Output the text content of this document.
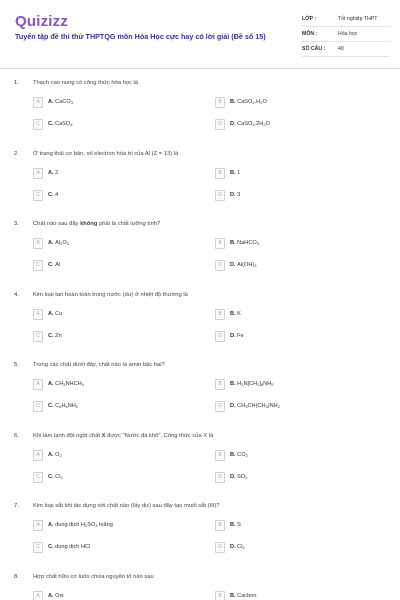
Quizizz
Tuyển tập đề thi thử THPTQG môn Hóa Học cực hay có lời giải (Đề số 15)
LỚP :	Tốt nghiệp THPT
MÔN :	Hóa học
SỐ CÂU : 40
1. Thạch cao nung có công thức hóa học là
A	A. CaCO$_3$	B	B. $CaSO_4.H_2O$
C	C. CaSO$_4$	D	D. $CaSO_4.2H_2O$
2. Ở trạng thái cơ bản, số electron hóa trị của Al (Z = 13) là
A	A. 2	B	B. 1
C	C. 4	D	D. 3
3. Chất nào sau đây không phải là chất lưỡng tính?
A	A. $Al_2O_3$	B	B. NaHCO$_3$
C	C. Al	D	D. $Al(OH)_3$
4. Kim loại tan hoàn toàn trong nước (dư) ở nhiệt độ thường là
A	A. Cu	B	B. K
C	C. Zn	D	D. Fe
5. Trong các chất dưới đây, chất nào là amin bậc hai?
A	A. $CH_3NHCH_3$	B	B. $H_2N[CH_2]_6NH_2$
C	C. $C_6H_5NH_2$	D	D. $CH_3CH(CH_3)NH_2$
6. Khi làm lạnh đột ngột chất X được "Nước đá khô". Công thức của X là
A	A. $O_2$	B	B. $CO_2$
C	C. $Cl_2$	D	D. $SO_2$
7. Kim loại sắt khi tác dụng với chất nào (lấy dư) sau đây tạo muối sắt (III)?
A	A. dung dịch $H_2SO_4$ loãng	B	B. S
C	C. dung dịch HCl	D	D. $Cl_2$
8. Hợp chất hữu cơ luôn chứa nguyên tố nào sau
A	A. Oxi	B	B. Cacbon
